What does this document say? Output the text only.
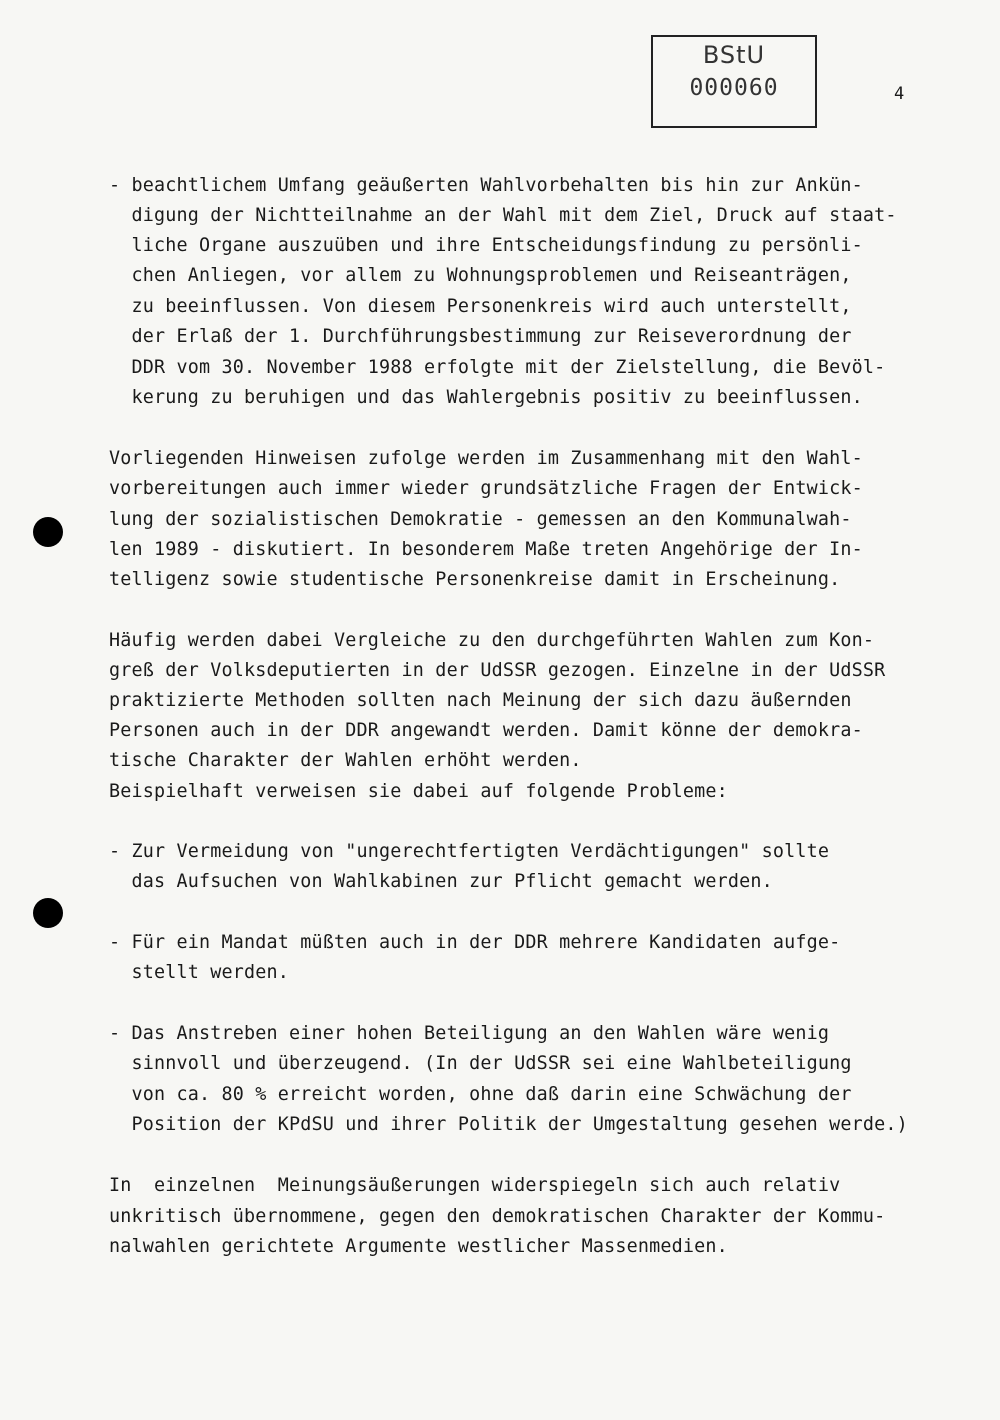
BStU
000060	4
- beachtlichem Umfang geäußerten Wahlvorbehalten bis hin zur Ankün-
digung der Nichtteilnahme an der Wahl mit dem Ziel, Druck auf staat-
liche Organe auszuüben und ihre Entscheidungsfindung zu persönli-
chen Anliegen, vor allem zu Wohnungsproblemen und Reiseanträgen,
zu beeinflussen. Von diesem Personenkreis wird auch unterstellt,
der Erlaß der 1. Durchführungsbestimmung zur Reiseverordnung der
DDR vom 30. November 1988 erfolgte mit der Zielstellung, die Bevöl-
kerung zu beruhigen und das Wahlergebnis positiv zu beeinflussen.
Vorliegenden Hinweisen zufolge werden im Zusammenhang mit den Wahl-
vorbereitungen auch immer wieder grundsätzliche Fragen der Entwick-
lung der sozialistischen Demokratie - gemessen an den Kommunalwah-
len 1989 - diskutiert. In besonderem Maße treten Angehörige der In-
telligenz sowie studentische Personenkreise damit in Erscheinung.
Häufig werden dabei Vergleiche zu den durchgeführten Wahlen zum Kon-
greß der Volksdeputierten in der UdSSR gezogen. Einzelne in der UdSSR
praktizierte Methoden sollten nach Meinung der sich dazu äußernden
Personen auch in der DDR angewandt werden. Damit könne der demokra-
tische Charakter der Wahlen erhöht werden.
Beispielhaft verweisen sie dabei auf folgende Probleme:
- Zur Vermeidung von "ungerechtfertigten Verdächtigungen" sollte
das Aufsuchen von Wahlkabinen zur Pflicht gemacht werden.
- Für ein Mandat müßten auch in der DDR mehrere Kandidaten aufge-
stellt werden.
- Das Anstreben einer hohen Beteiligung an den Wahlen wäre wenig
sinnvoll und überzeugend. (In der UdSSR sei eine Wahlbeteiligung
von ca. 80 % erreicht worden, ohne daß darin eine Schwächung der
Position der KPdSU und ihrer Politik der Umgestaltung gesehen werde.)
In  einzelnen  Meinungsäußerungen widerspiegeln sich auch relativ
unkritisch übernommene, gegen den demokratischen Charakter der Kommu-
nalwahlen gerichtete Argumente westlicher Massenmedien.
